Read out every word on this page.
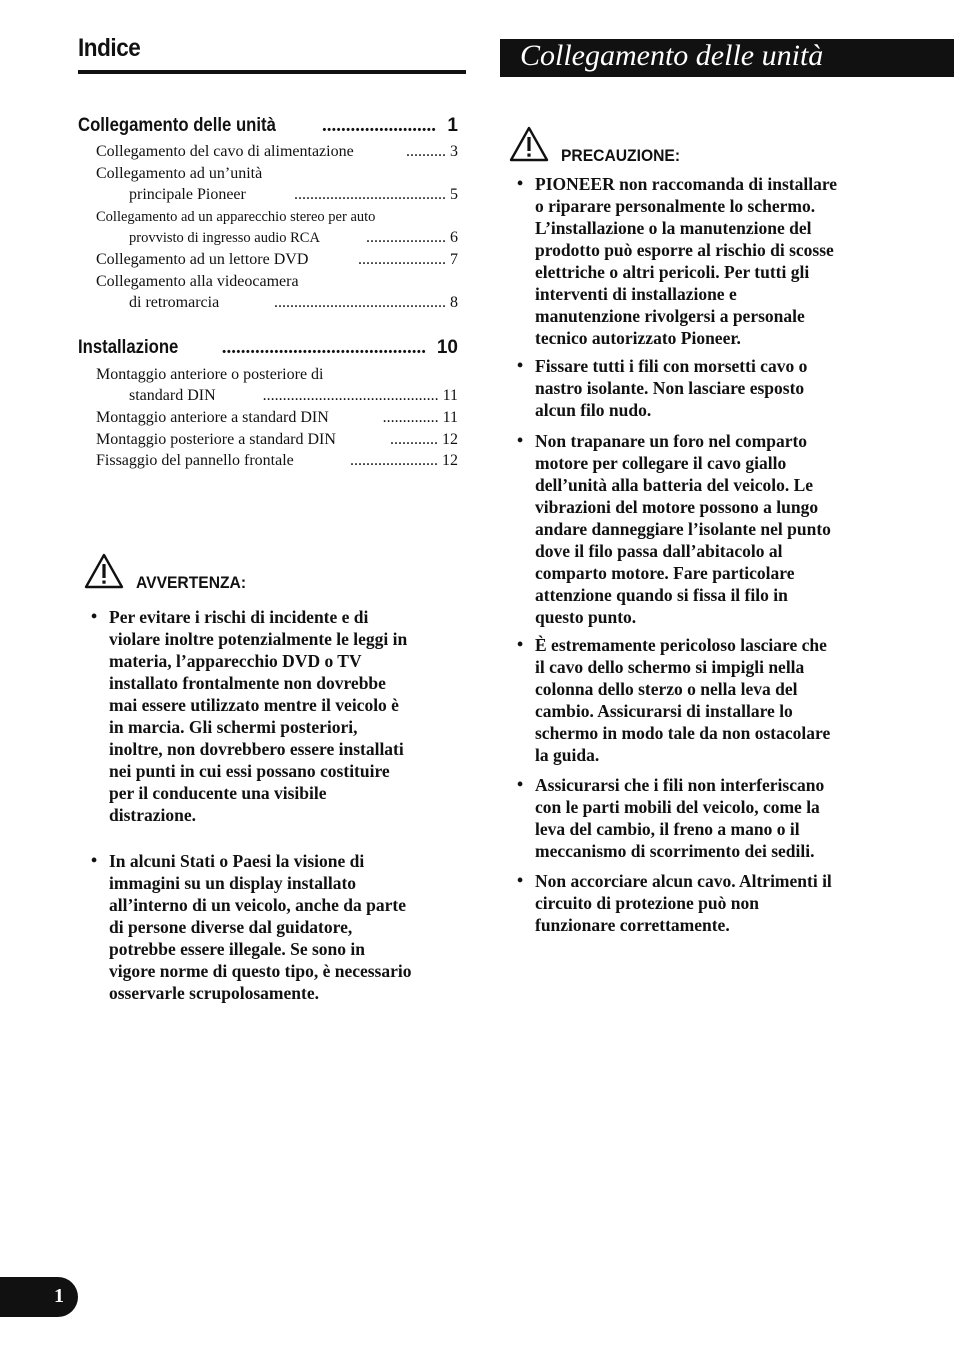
Indice	Collegamento delle unità
Collegamento delle unità ........................ 1
Collegamento del cavo di alimentazione	.......... 3
Collegamento ad un’unità
principale Pioneer	...................................... 5
Collegamento ad un apparecchio stereo per auto
provvisto di ingresso audio RCA	.................... 6
Collegamento ad un lettore DVD	...................... 7
Collegamento alla videocamera
di retromarcia	........................................... 8
Installazione ........................................... 10
Montaggio anteriore o posteriore di
standard DIN	............................................ 11
Montaggio anteriore a standard DIN	.............. 11
Montaggio posteriore a standard DIN	............ 12
Fissaggio del pannello frontale	...................... 12
AVVERTENZA:
• Per evitare i rischi di incidente e di
violare inoltre potenzialmente le leggi in
materia, l’apparecchio DVD o TV
installato frontalmente non dovrebbe
mai essere utilizzato mentre il veicolo è
in marcia. Gli schermi posteriori,
inoltre, non dovrebbero essere installati
nei punti in cui essi possano costituire
per il conducente una visibile
distrazione.
• In alcuni Stati o Paesi la visione di
immagini su un display installato
all’interno di un veicolo, anche da parte
di persone diverse dal guidatore,
potrebbe essere illegale. Se sono in
vigore norme di questo tipo, è necessario
osservarle scrupolosamente.
PRECAUZIONE:
• PIONEER non raccomanda di installare
o riparare personalmente lo schermo.
L’installazione o la manutenzione del
prodotto può esporre al rischio di scosse
elettriche o altri pericoli. Per tutti gli
interventi di installazione e
manutenzione rivolgersi a personale
tecnico autorizzato Pioneer.
• Fissare tutti i fili con morsetti cavo o
nastro isolante. Non lasciare esposto
alcun filo nudo.
• Non trapanare un foro nel comparto
motore per collegare il cavo giallo
dell’unità alla batteria del veicolo. Le
vibrazioni del motore possono a lungo
andare danneggiare l’isolante nel punto
dove il filo passa dall’abitacolo al
comparto motore. Fare particolare
attenzione quando si fissa il filo in
questo punto.
• È estremamente pericoloso lasciare che
il cavo dello schermo si impigli nella
colonna dello sterzo o nella leva del
cambio. Assicurarsi di installare lo
schermo in modo tale da non ostacolare
la guida.
• Assicurarsi che i fili non interferiscano
con le parti mobili del veicolo, come la
leva del cambio, il freno a mano o il
meccanismo di scorrimento dei sedili.
• Non accorciare alcun cavo. Altrimenti il
circuito di protezione può non
funzionare correttamente.
1
